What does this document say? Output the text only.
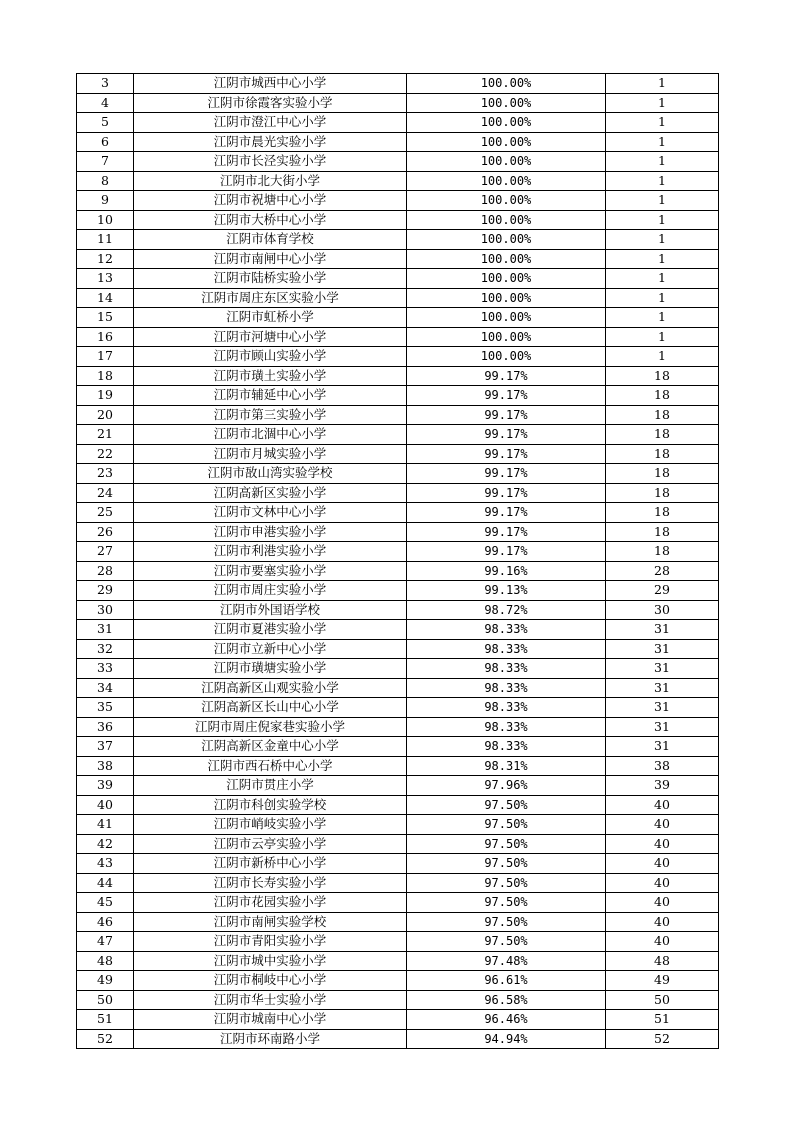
3	江阴市城西中心小学	100.00%	1
4	江阴市徐霞客实验小学	100.00%	1
5	江阴市澄江中心小学	100.00%	1
6	江阴市晨光实验小学	100.00%	1
7	江阴市长泾实验小学	100.00%	1
8	江阴市北大街小学	100.00%	1
9	江阴市祝塘中心小学	100.00%	1
10	江阴市大桥中心小学	100.00%	1
11	江阴市体育学校	100.00%	1
12	江阴市南闸中心小学	100.00%	1
13	江阴市陆桥实验小学	100.00%	1
14	江阴市周庄东区实验小学	100.00%	1
15	江阴市虹桥小学	100.00%	1
16	江阴市河塘中心小学	100.00%	1
17	江阴市顾山实验小学	100.00%	1
18	江阴市璜土实验小学	99.17%	18
19	江阴市辅延中心小学	99.17%	18
20	江阴市第三实验小学	99.17%	18
21	江阴市北涸中心小学	99.17%	18
22	江阴市月城实验小学	99.17%	18
23	江阴市敔山湾实验学校	99.17%	18
24	江阴高新区实验小学	99.17%	18
25	江阴市文林中心小学	99.17%	18
26	江阴市申港实验小学	99.17%	18
27	江阴市利港实验小学	99.17%	18
28	江阴市要塞实验小学	99.16%	28
29	江阴市周庄实验小学	99.13%	29
30	江阴市外国语学校	98.72%	30
31	江阴市夏港实验小学	98.33%	31
32	江阴市立新中心小学	98.33%	31
33	江阴市璜塘实验小学	98.33%	31
34	江阴高新区山观实验小学	98.33%	31
35	江阴高新区长山中心小学	98.33%	31
36	江阴市周庄倪家巷实验小学	98.33%	31
37	江阴高新区金童中心小学	98.33%	31
38	江阴市西石桥中心小学	98.31%	38
39	江阴市贯庄小学	97.96%	39
40	江阴市科创实验学校	97.50%	40
41	江阴市峭岐实验小学	97.50%	40
42	江阴市云亭实验小学	97.50%	40
43	江阴市新桥中心小学	97.50%	40
44	江阴市长寿实验小学	97.50%	40
45	江阴市花园实验小学	97.50%	40
46	江阴市南闸实验学校	97.50%	40
47	江阴市青阳实验小学	97.50%	40
48	江阴市城中实验小学	97.48%	48
49	江阴市桐岐中心小学	96.61%	49
50	江阴市华士实验小学	96.58%	50
51	江阴市城南中心小学	96.46%	51
52	江阴市环南路小学	94.94%	52
